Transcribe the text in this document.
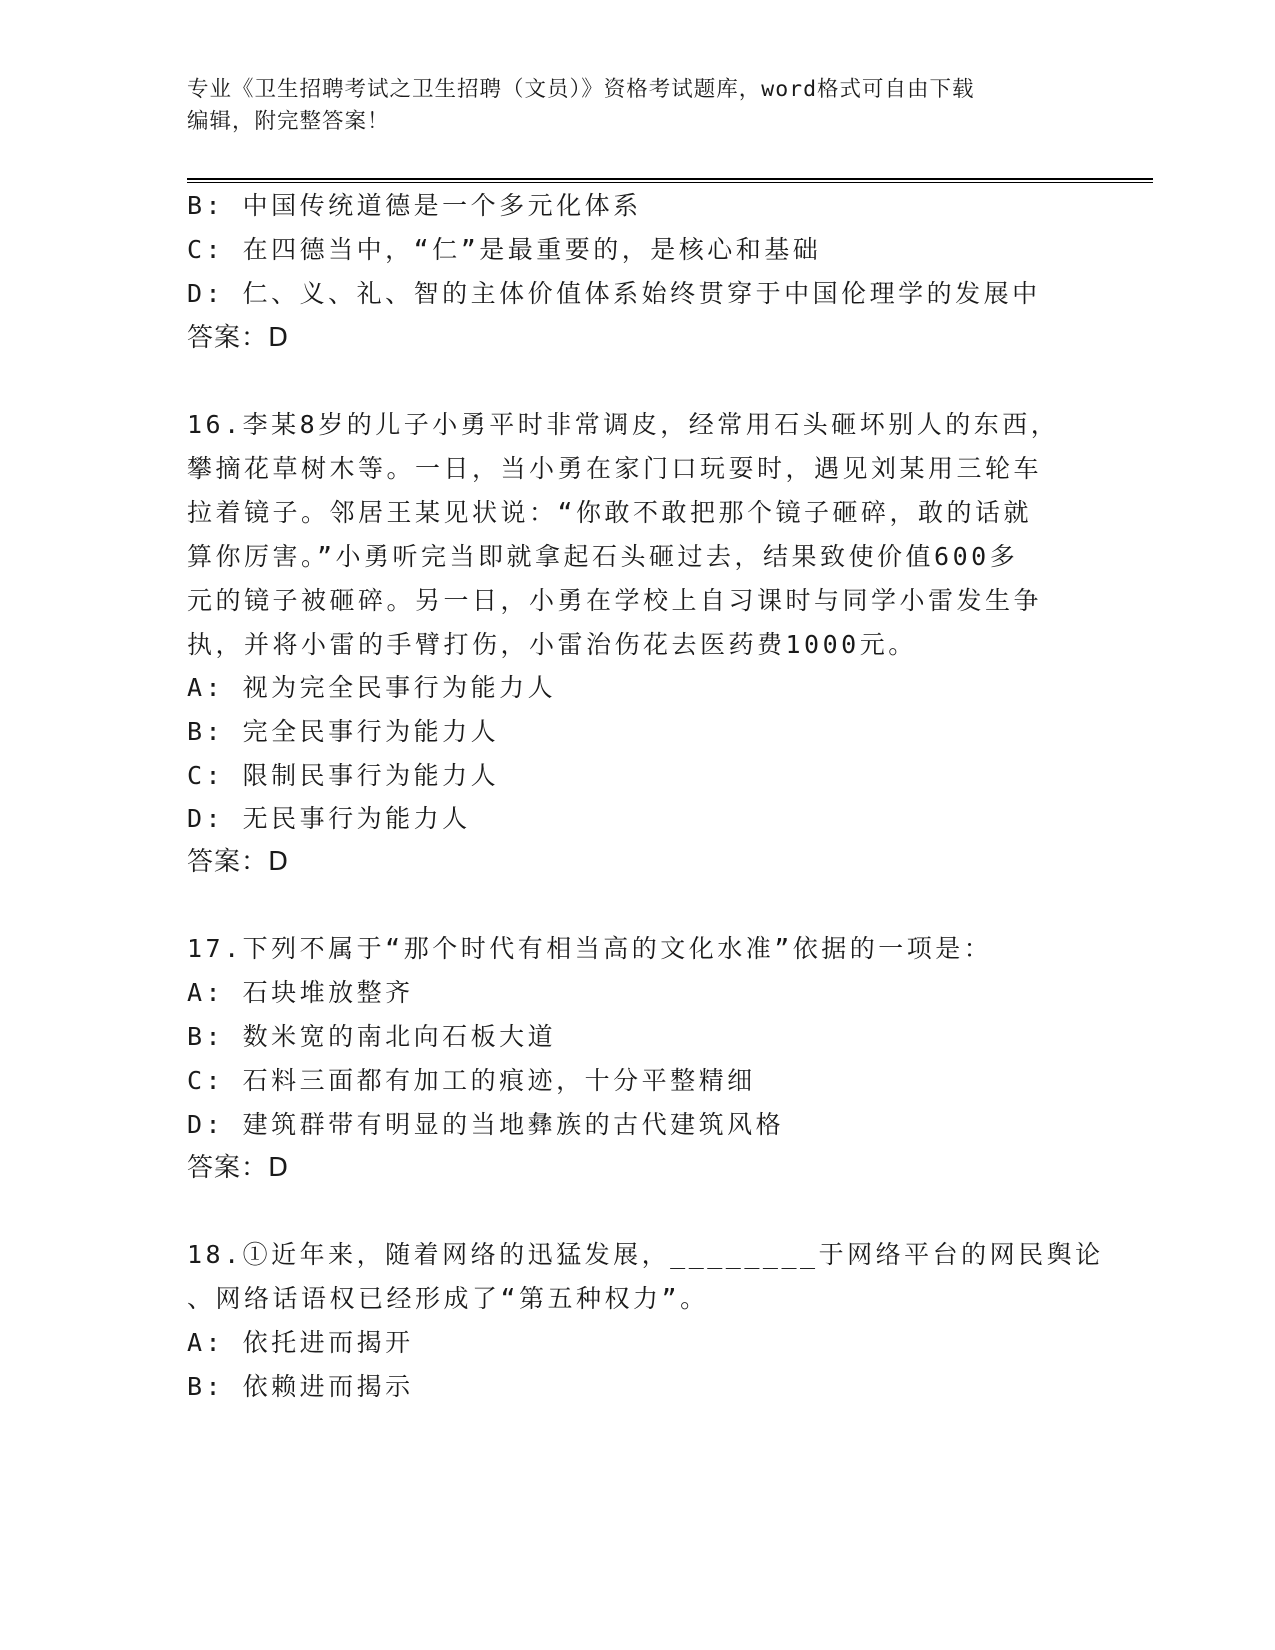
专业《卫生招聘考试之卫生招聘（文员）》资格考试题库，word格式可自由下载
编辑，附完整答案！
B: 中国传统道德是一个多元化体系
C: 在四德当中，“仁”是最重要的，是核心和基础
D: 仁、义、礼、智的主体价值体系始终贯穿于中国伦理学的发展中
答案：D
16.李某8岁的儿子小勇平时非常调皮，经常用石头砸坏别人的东西，
攀摘花草树木等。一日，当小勇在家门口玩耍时，遇见刘某用三轮车
拉着镜子。邻居王某见状说：“你敢不敢把那个镜子砸碎，敢的话就
算你厉害。”小勇听完当即就拿起石头砸过去，结果致使价值600多
元的镜子被砸碎。另一日，小勇在学校上自习课时与同学小雷发生争
执，并将小雷的手臂打伤，小雷治伤花去医药费1000元。
A: 视为完全民事行为能力人
B: 完全民事行为能力人
C: 限制民事行为能力人
D: 无民事行为能力人
答案：D
17.下列不属于“那个时代有相当高的文化水准”依据的一项是：
A: 石块堆放整齐
B: 数米宽的南北向石板大道
C: 石料三面都有加工的痕迹，十分平整精细
D: 建筑群带有明显的当地彝族的古代建筑风格
答案：D
18.①近年来，随着网络的迅猛发展，________于网络平台的网民舆论
、网络话语权已经形成了“第五种权力”。
A: 依托进而揭开
B: 依赖进而揭示
